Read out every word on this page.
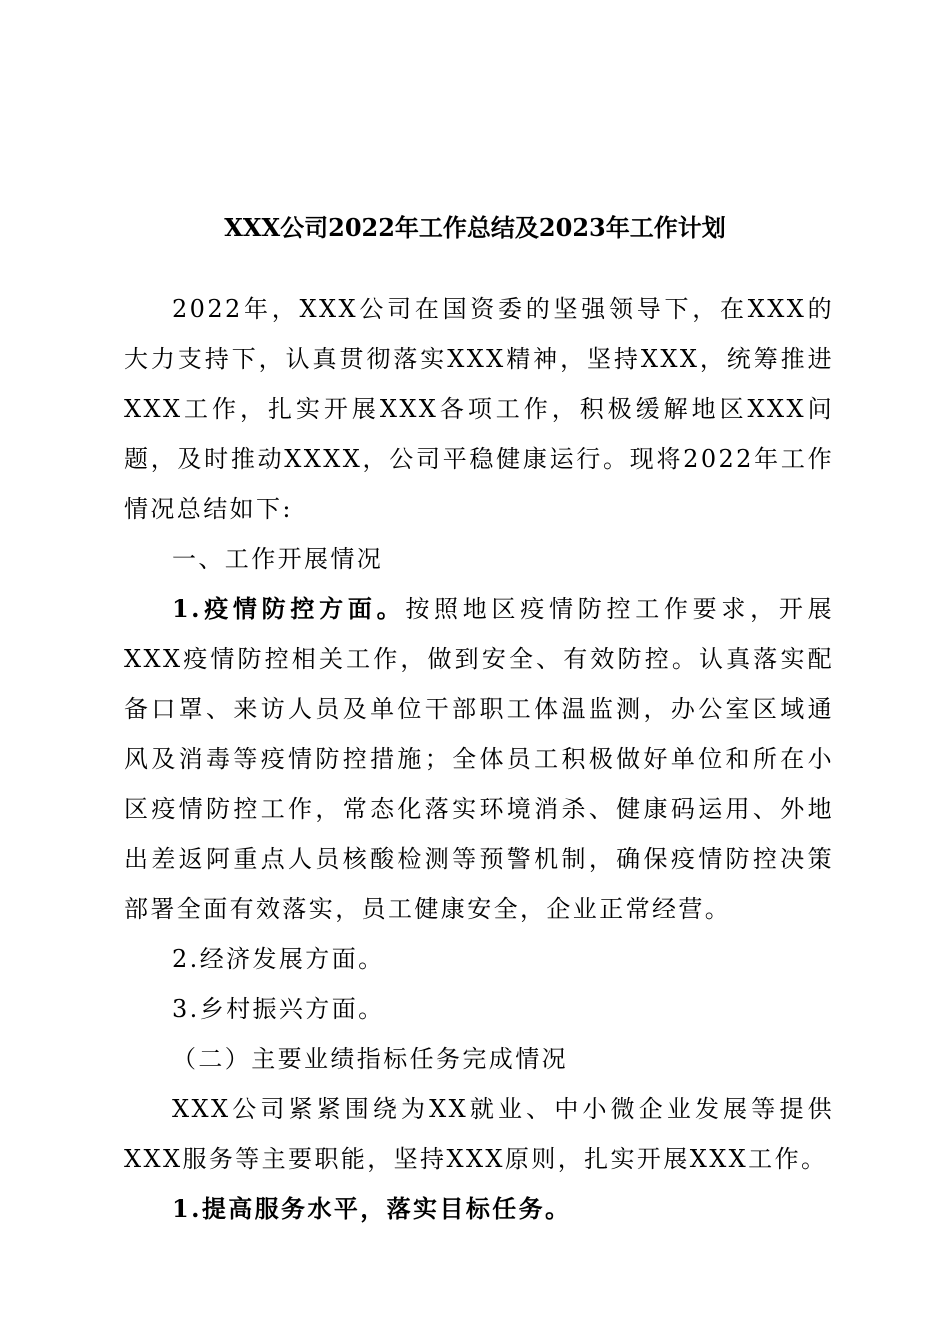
XXX公司2022年工作总结及2023年工作计划

2022年，XXX公司在国资委的坚强领导下，在XXX的大力支持下，认真贯彻落实XXX精神，坚持XXX，统筹推进XXX工作，扎实开展XXX各项工作，积极缓解地区XXX问题，及时推动XXXX，公司平稳健康运行。现将2022年工作情况总结如下:

一、工作开展情况

1.疫情防控方面。按照地区疫情防控工作要求，开展XXX疫情防控相关工作，做到安全、有效防控。认真落实配备口罩、来访人员及单位干部职工体温监测，办公室区域通风及消毒等疫情防控措施；全体员工积极做好单位和所在小区疫情防控工作，常态化落实环境消杀、健康码运用、外地出差返阿重点人员核酸检测等预警机制，确保疫情防控决策部署全面有效落实，员工健康安全，企业正常经营。

2.经济发展方面。

3.乡村振兴方面。

（二）主要业绩指标任务完成情况

XXX公司紧紧围绕为XX就业、中小微企业发展等提供XXX服务等主要职能，坚持XXX原则，扎实开展XXX工作。

1.提高服务水平，落实目标任务。
